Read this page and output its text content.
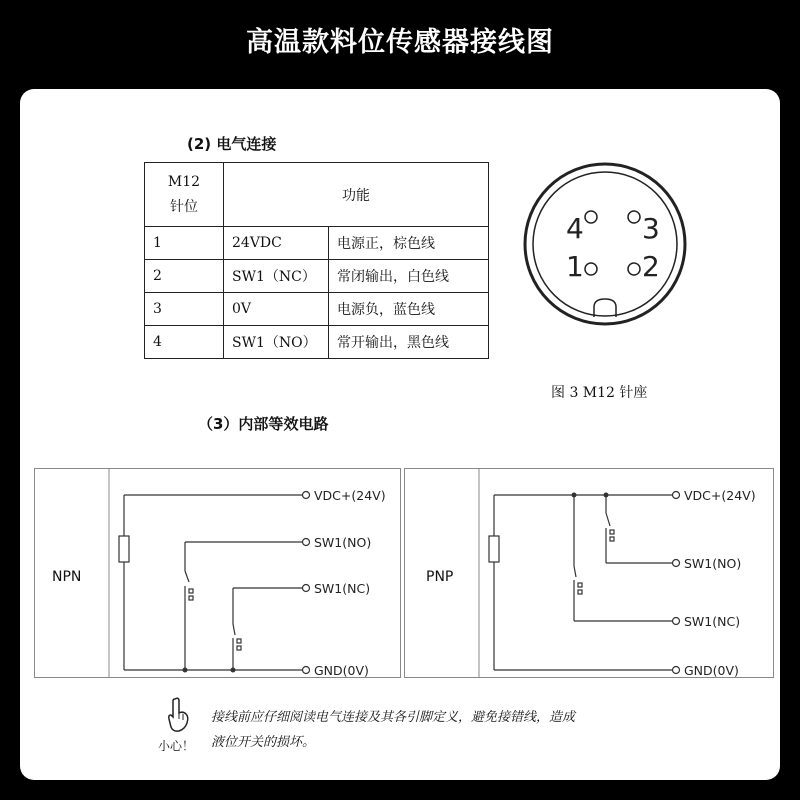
高温款料位传感器接线图
(2) 电气连接
M12
针位	功能	
1	24VDC	电源正，棕色线
2	SW1（NC）	常闭输出，白色线
3	0V	电源负，蓝色线
4	SW1（NO）	常开输出，黑色线
4 3
1 2
图 3 M12 针座
（3）内部等效电路
NPN
VDC+(24V)
SW1(NO)
SW1(NC)
GND(0V)
PNP
VDC+(24V)
SW1(NO)
SW1(NC)
GND(0V)
小心！
接线前应仔细阅读电气连接及其各引脚定义，避免接错线，造成
液位开关的损坏。
